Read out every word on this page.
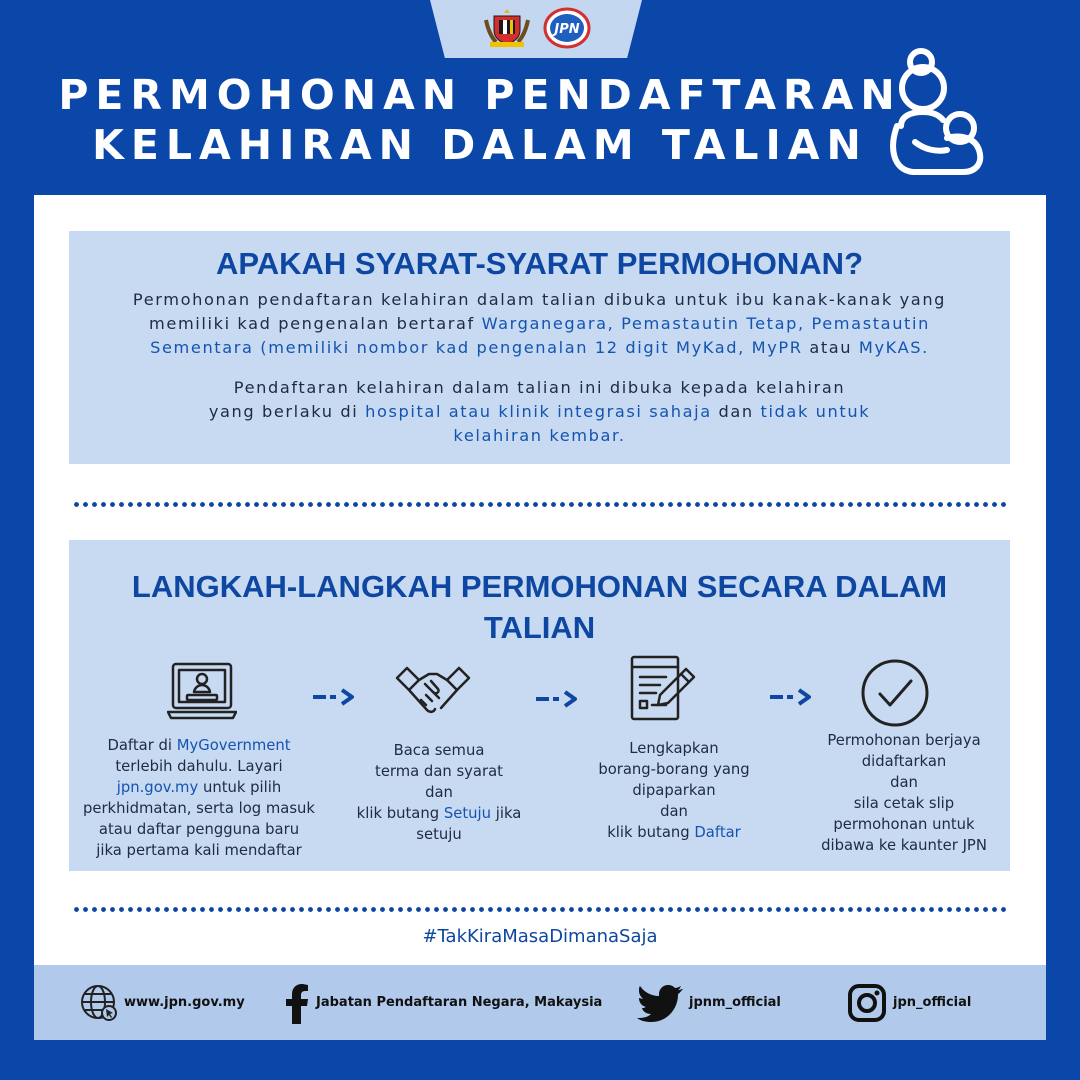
JPN
PERMOHONAN PENDAFTARAN
KELAHIRAN DALAM TALIAN
APAKAH SYARAT-SYARAT PERMOHONAN?

Permohonan pendaftaran kelahiran dalam talian dibuka untuk ibu kanak-kanak yang
memiliki kad pengenalan bertaraf Warganegara, Pemastautin Tetap, Pemastautin
Sementara (memiliki nombor kad pengenalan 12 digit MyKad, MyPR atau MyKAS.

Pendaftaran kelahiran dalam talian ini dibuka kepada kelahiran
yang berlaku di hospital atau klinik integrasi sahaja dan tidak untuk
kelahiran kembar.

LANGKAH-LANGKAH PERMOHONAN SECARA DALAM
TALIAN
Daftar di MyGovernment
terlebih dahulu. Layari
jpn.gov.my untuk pilih
perkhidmatan, serta log masuk
atau daftar pengguna baru
jika pertama kali mendaftar
Baca semua
terma dan syarat
dan
klik butang Setuju jika
setuju
Lengkapkan
borang-borang yang
dipaparkan
dan
klik butang Daftar
Permohonan berjaya
didaftarkan
dan
sila cetak slip
permohonan untuk
dibawa ke kaunter JPN
#TakKiraMasaDimanaSaja
www.jpn.gov.my	Jabatan Pendaftaran Negara, Makaysia	jpnm_official	jpn_official
